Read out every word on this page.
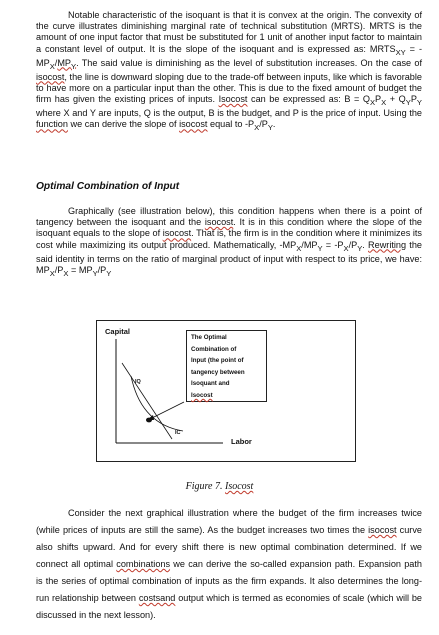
Notable characteristic of the isoquant is that it is convex at the origin. The convexity of the curve illustrates diminishing marginal rate of technical substitution (MRTS). MRTS is the amount of one input factor that must be substituted for 1 unit of another input factor to maintain a constant level of output. It is the slope of the isoquant and is expressed as: $MRTS_{XY} = -MP_X/MP_Y$. The said value is diminishing as the level of substitution increases. On the case of isocost, the line is downward sloping due to the trade-off between inputs, like which is favorable to have more on a particular input than the other. This is due to the fixed amount of budget the firm has given the existing prices of inputs. Isocost can be expressed as: $B = Q_XP_X + Q_YP_Y$ where X and Y are inputs, Q is the output, B is the budget, and P is the price of input. Using the function we can derive the slope of isocost equal to $-P_X/P_Y$.

Optimal Combination of Input

Graphically (see illustration below), this condition happens when there is a point of tangency between the isoquant and the isocost. It is in this condition where the slope of the isoquant equals to the slope of isocost. That is, the firm is in the condition where it minimizes its cost while maximizing its output produced. Mathematically, $-MP_X/MP_Y = -P_X/P_Y$. Rewriting the said identity in terms on the ratio of marginal product of input with respect to its price, we have: $MP_X/P_X = MP_Y/P_Y$

Capital
Labor
IQ
IC
The Optimal
Combination of
Input (the point of
tangency between
Isoquant and
Isocost

Figure 7. Isocost

Consider the next graphical illustration where the budget of the firm increases twice (while prices of inputs are still the same). As the budget increases two times the isocost curve also shifts upward. And for every shift there is new optimal combination determined. If we connect all optimal combinations we can derive the so-called expansion path. Expansion path is the series of optimal combination of inputs as the firm expands. It also determines the long-run relationship between costsand output which is termed as economies of scale (which will be discussed in the next lesson).
